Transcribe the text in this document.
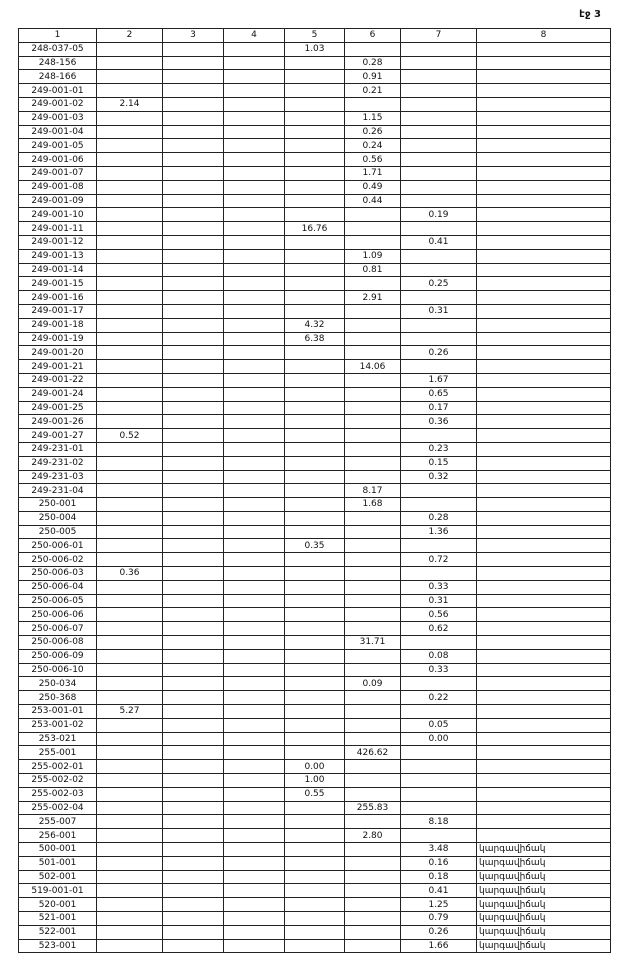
էջ 3
1	2	3	4	5	6	7	8
248-037-05				1.03			
248-156					0.28		
248-166					0.91		
249-001-01					0.21		
249-001-02	2.14						
249-001-03					1.15		
249-001-04					0.26		
249-001-05					0.24		
249-001-06					0.56		
249-001-07					1.71		
249-001-08					0.49		
249-001-09					0.44		
249-001-10						0.19	
249-001-11				16.76			
249-001-12						0.41	
249-001-13					1.09		
249-001-14					0.81		
249-001-15						0.25	
249-001-16					2.91		
249-001-17						0.31	
249-001-18				4.32			
249-001-19				6.38			
249-001-20						0.26	
249-001-21					14.06		
249-001-22						1.67	
249-001-24						0.65	
249-001-25						0.17	
249-001-26						0.36	
249-001-27	0.52						
249-231-01						0.23	
249-231-02						0.15	
249-231-03						0.32	
249-231-04					8.17		
250-001					1.68		
250-004						0.28	
250-005						1.36	
250-006-01				0.35			
250-006-02						0.72	
250-006-03	0.36						
250-006-04						0.33	
250-006-05						0.31	
250-006-06						0.56	
250-006-07						0.62	
250-006-08					31.71		
250-006-09						0.08	
250-006-10						0.33	
250-034					0.09		
250-368						0.22	
253-001-01	5.27						
253-001-02						0.05	
253-021						0.00	
255-001					426.62		
255-002-01				0.00			
255-002-02				1.00			
255-002-03				0.55			
255-002-04					255.83		
255-007						8.18	
256-001					2.80		
500-001						3.48	կարգավիճակ
501-001						0.16	կարգավիճակ
502-001						0.18	կարգավիճակ
519-001-01						0.41	կարգավիճակ
520-001						1.25	կարգավիճակ
521-001						0.79	կարգավիճակ
522-001						0.26	կարգավիճակ
523-001						1.66	կարգավիճակ
